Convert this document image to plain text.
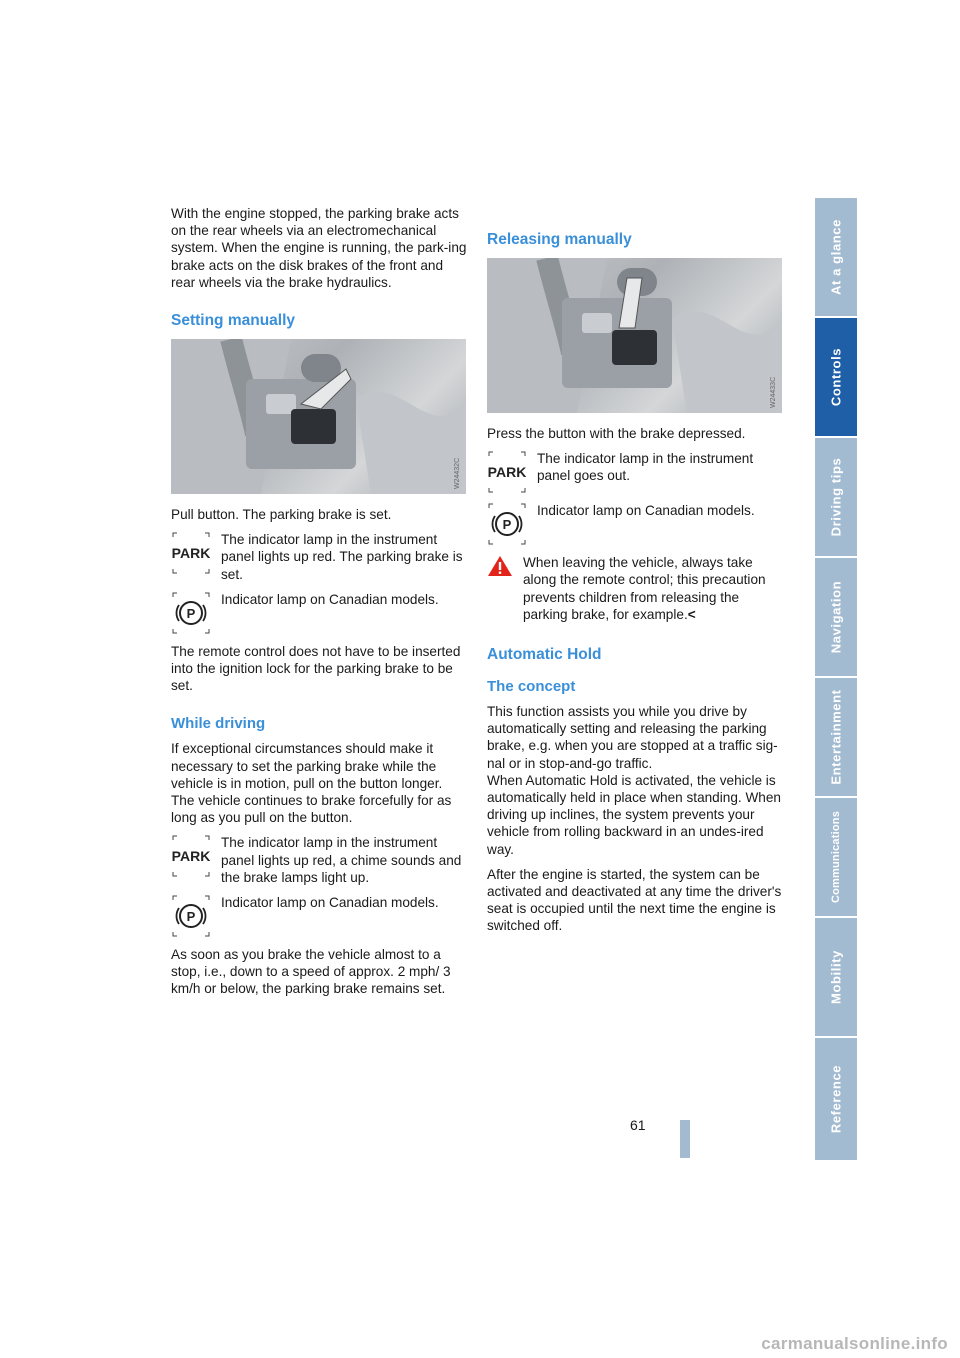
With the engine stopped, the parking brake acts on the rear wheels via an electromechanical system. When the engine is running, the park-ing brake acts on the disk brakes of the front and rear wheels via the brake hydraulics.

Setting manually
W24432C

Pull button. The parking brake is set.

PARK
The indicator lamp in the instrument panel lights up red. The parking brake is set.
P
Indicator lamp on Canadian models.

The remote control does not have to be inserted into the ignition lock for the parking brake to be set.

While driving

If exceptional circumstances should make it necessary to set the parking brake while the vehicle is in motion, pull on the button longer. The vehicle continues to brake forcefully for as long as you pull on the button.

PARK
The indicator lamp in the instrument panel lights up red, a chime sounds and the brake lamps light up.
P
Indicator lamp on Canadian models.

As soon as you brake the vehicle almost to a stop, i.e., down to a speed of approx. 2 mph/ 3 km/h or below, the parking brake remains set.

Releasing manually
W24433C

Press the button with the brake depressed.

PARK
The indicator lamp in the instrument panel goes out.
P
Indicator lamp on Canadian models.
When leaving the vehicle, always take along the remote control; this precaution prevents children from releasing the parking brake, for example.<
Automatic Hold
The concept

This function assists you while you drive by automatically setting and releasing the parking brake, e.g. when you are stopped at a traffic sig-nal or in stop-and-go traffic.

When Automatic Hold is activated, the vehicle is automatically held in place when standing. When driving up inclines, the system prevents your vehicle from rolling backward in an undes-ired way.

After the engine is started, the system can be activated and deactivated at any time the driver's seat is occupied until the next time the engine is switched off.

At a glance
Controls
Driving tips
Navigation
Entertainment
Communications
Mobility
Reference
61
carmanualsonline.info
